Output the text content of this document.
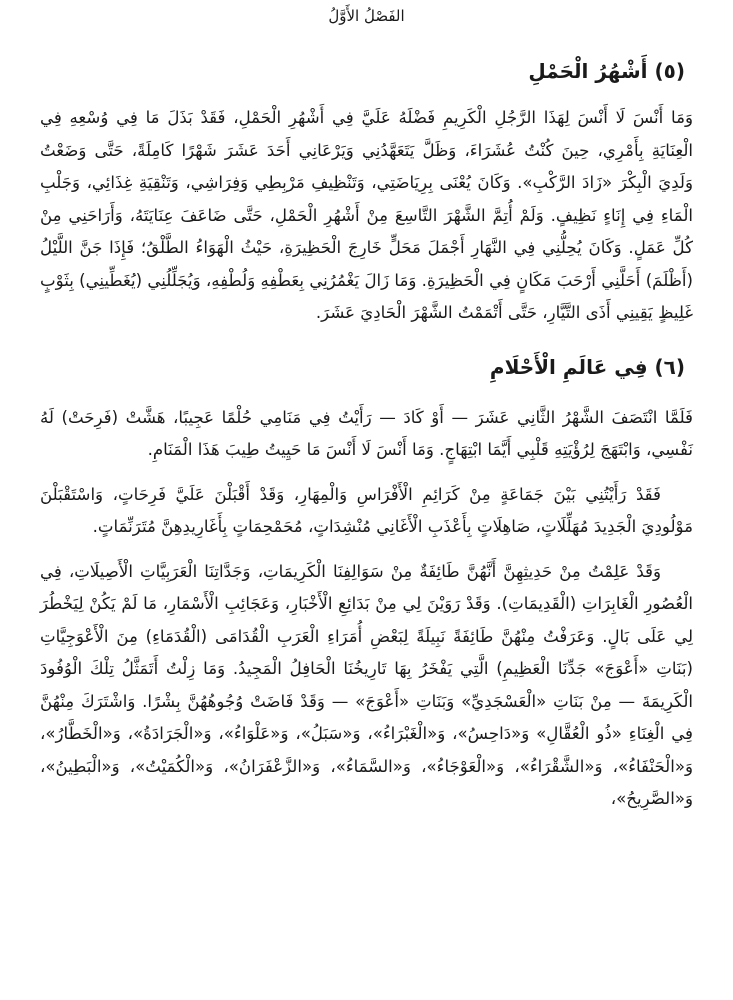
الفَصْلُ الأَوَّلُ
(٥) أَشْهُرُ الْحَمْلِ

وَمَا أَنْسَ لَا أَنْسَ لِهَذَا الرَّجُلِ الْكَرِيمِ فَضْلَهُ عَلَيَّ فِي أَشْهُرِ الْحَمْلِ، فَقَدْ بَذَلَ مَا فِي وُسْعِهِ فِي الْعِنَايَةِ بِأَمْرِي، حِينَ كُنْتُ عُشَرَاءَ، وَظَلَّ يَتَعَهَّدُنِي وَيَرْعَانِي أَحَدَ عَشَرَ شَهْرًا كَامِلَةً، حَتَّى وَضَعْتُ وَلَدِيَ الْبِكْرَ «زَادَ الرَّكْبِ». وَكَانَ يُعْنَى بِرِيَاضَتِي، وَتَنْظِيفِ مَرْبِطِي وَفِرَاشِي، وَتَنْقِيَةِ غِذَائِي، وَجَلْبِ الْمَاءِ فِي إِنَاءٍ نَظِيفٍ. وَلَمْ أُتِمَّ الشَّهْرَ التَّاسِعَ مِنْ أَشْهُرِ الْحَمْلِ، حَتَّى ضَاعَفَ عِنَايَتَهُ، وَأَرَاحَنِي مِنْ كُلِّ عَمَلٍ. وَكَانَ يُحِلُّنِي فِي النَّهَارِ أَجْمَلَ مَحَلٍّ خَارِجَ الْحَظِيرَةِ، حَيْثُ الْهَوَاءُ الطَّلْقُ؛ فَإِذَا جَنَّ اللَّيْلُ (أَظْلَمَ) أَحَلَّنِي أَرْحَبَ مَكَانٍ فِي الْحَظِيرَةِ. وَمَا زَالَ يَغْمُرُنِي بِعَطْفِهِ وَلُطْفِهِ، وَيُجَلِّلُنِي (يُغَطِّينِي) بِثَوْبٍ غَلِيظٍ يَقِينِي أَذَى التَّيَّارِ، حَتَّى أَتْمَمْتُ الشَّهْرَ الْحَادِيَ عَشَرَ.

(٦) فِي عَالَمِ الْأَحْلَامِ

فَلَمَّا انْتَصَفَ الشَّهْرُ الثَّانِي عَشَرَ — أَوْ كَادَ — رَأَيْتُ فِي مَنَامِي حُلْمًا عَجِيبًا، هَشَّتْ (فَرِحَتْ) لَهُ نَفْسِي، وَابْتَهَجَ لِرُؤْيَتِهِ قَلْبِي أَيَّمَا ابْتِهَاجٍ. وَمَا أَنْسَ لَا أَنْسَ مَا حَيِيتُ طِيبَ هَذَا الْمَنَامِ.

فَقَدْ رَأَيْتُنِي بَيْنَ جَمَاعَةٍ مِنْ كَرَائِمِ الْأَفْرَاسِ وَالْمِهَارِ، وَقَدْ أَقْبَلْنَ عَلَيَّ فَرِحَاتٍ، وَاسْتَقْبَلْنَ مَوْلُودِيَ الْجَدِيدَ مُهَلِّلَاتٍ، صَاهِلَاتٍ بِأَعْذَبِ الْأَغَانِي مُنْشِدَاتٍ، مُحَمْحِمَاتٍ بِأَغَارِيدِهِنَّ مُتَرَنِّمَاتٍ.

وَقَدْ عَلِمْتُ مِنْ حَدِيثِهِنَّ أَنَّهُنَّ طَائِفَةٌ مِنْ سَوَالِفِنَا الْكَرِيمَاتِ، وَجَدَّاتِنَا الْعَرَبِيَّاتِ الْأَصِيلَاتِ، فِي الْعُصُورِ الْغَابِرَاتِ (الْقَدِيمَاتِ). وَقَدْ رَوَيْنَ لِي مِنْ بَدَائِعِ الْأَخْبَارِ، وَعَجَائِبِ الْأَسْمَارِ، مَا لَمْ يَكُنْ لِيَخْطُرَ لِي عَلَى بَالٍ. وَعَرَفْتُ مِنْهُنَّ طَائِفَةً نَبِيلَةً لِبَعْضِ أُمَرَاءِ الْعَرَبِ الْقُدَامَى (الْقُدَمَاءِ) مِنَ الْأَعْوَجِيَّاتِ (بَنَاتِ «أَعْوَجَ» جَدِّنَا الْعَظِيمِ) الَّتِي يَفْخَرُ بِهَا تَارِيخُنَا الْحَافِلُ الْمَجِيدُ. وَمَا زِلْتُ أَتَمَثَّلُ تِلْكَ الْوُفُودَ الْكَرِيمَةَ — مِنْ بَنَاتِ «الْعَسْجَدِيِّ» وَبَنَاتِ «أَعْوَجَ» — وَقَدْ فَاضَتْ وُجُوهُهُنَّ بِشْرًا. وَاشْتَرَكَ مِنْهُنَّ فِي الْغِنَاءِ «ذُو الْعُقَّالِ» وَ«دَاحِسُ»، وَ«الْغَبْرَاءُ»، وَ«سَبَلُ»، وَ«عَلْوَاءُ»، وَ«الْجَرَادَةُ»، وَ«الْخَطَّارُ»، وَ«الْحَنْفَاءُ»، وَ«الشَّقْرَاءُ»، وَ«الْعَوْجَاءُ»، وَ«السَّمَاءُ»، وَ«الزَّعْفَرَانُ»، وَ«الْكُمَيْتُ»، وَ«الْبَطِينُ»، وَ«الصَّرِيحُ»،
